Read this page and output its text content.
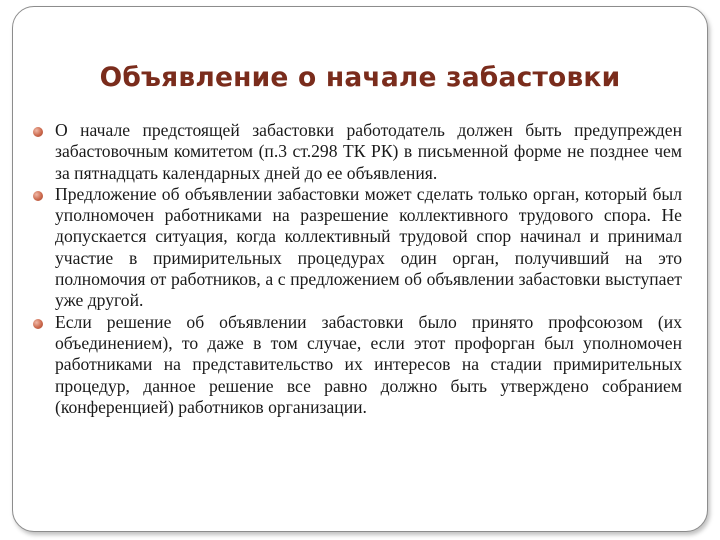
Объявление о начале забастовки
О начале предстоящей забастовки работодатель должен быть предупрежден забастовочным комитетом (п.3 ст.298 ТК РК) в письменной форме не позднее чем за пятнадцать календарных дней до ее объявления.
Предложение об объявлении забастовки может сделать только орган, который был уполномочен работниками на разрешение коллективного трудового спора. Не допускается ситуация, когда коллективный трудовой спор начинал и принимал участие в примирительных процедурах один орган, получивший на это полномочия от работников, а с предложением об объявлении забастовки выступает уже другой.
Если решение об объявлении забастовки было принято профсоюзом (их объединением), то даже в том случае, если этот профорган был уполномочен работниками на представительство их интересов на стадии примирительных процедур, данное решение все равно должно быть утверждено собранием (конференцией) работников организации.
